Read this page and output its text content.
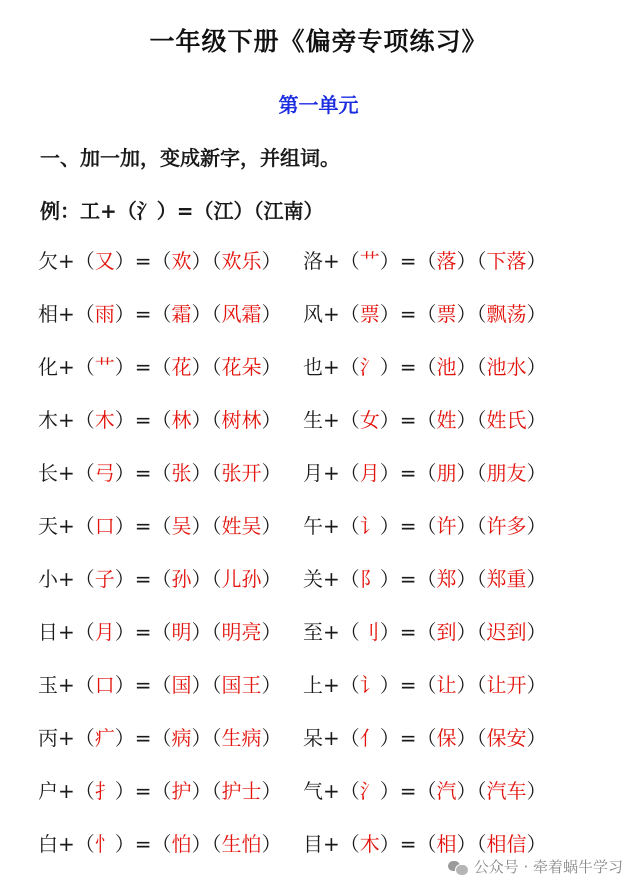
一年级下册《偏旁专项练习》
第一单元
一、加一加，变成新字，并组词。
例：工+（氵）=（江）（江南）
欠+（又）=（欢）（欢乐） 洛+（艹）=（落）（下落）
相+（雨）=（霜）（风霜） 风+（票）=（票）（飘荡）
化+（艹）=（花）（花朵） 也+（氵）=（池）（池水）
木+（木）=（林）（树林） 生+（女）=（姓）（姓氏）
长+（弓）=（张）（张开） 月+（月）=（朋）（朋友）
天+（口）=（吴）（姓吴） 午+（讠）=（许）（许多）
小+（子）=（孙）（儿孙） 关+（阝）=（郑）（郑重）
日+（月）=（明）（明亮） 至+（刂）=（到）（迟到）
玉+（口）=（国）（国王） 上+（讠）=（让）（让开）
丙+（疒）=（病）（生病） 呆+（亻）=（保）（保安）
户+（扌）=（护）（护士） 气+（氵）=（汽）（汽车）
白+（忄）=（怕）（生怕） 目+（木）=（相）（相信）
公众号 · 牵着蜗牛学习
